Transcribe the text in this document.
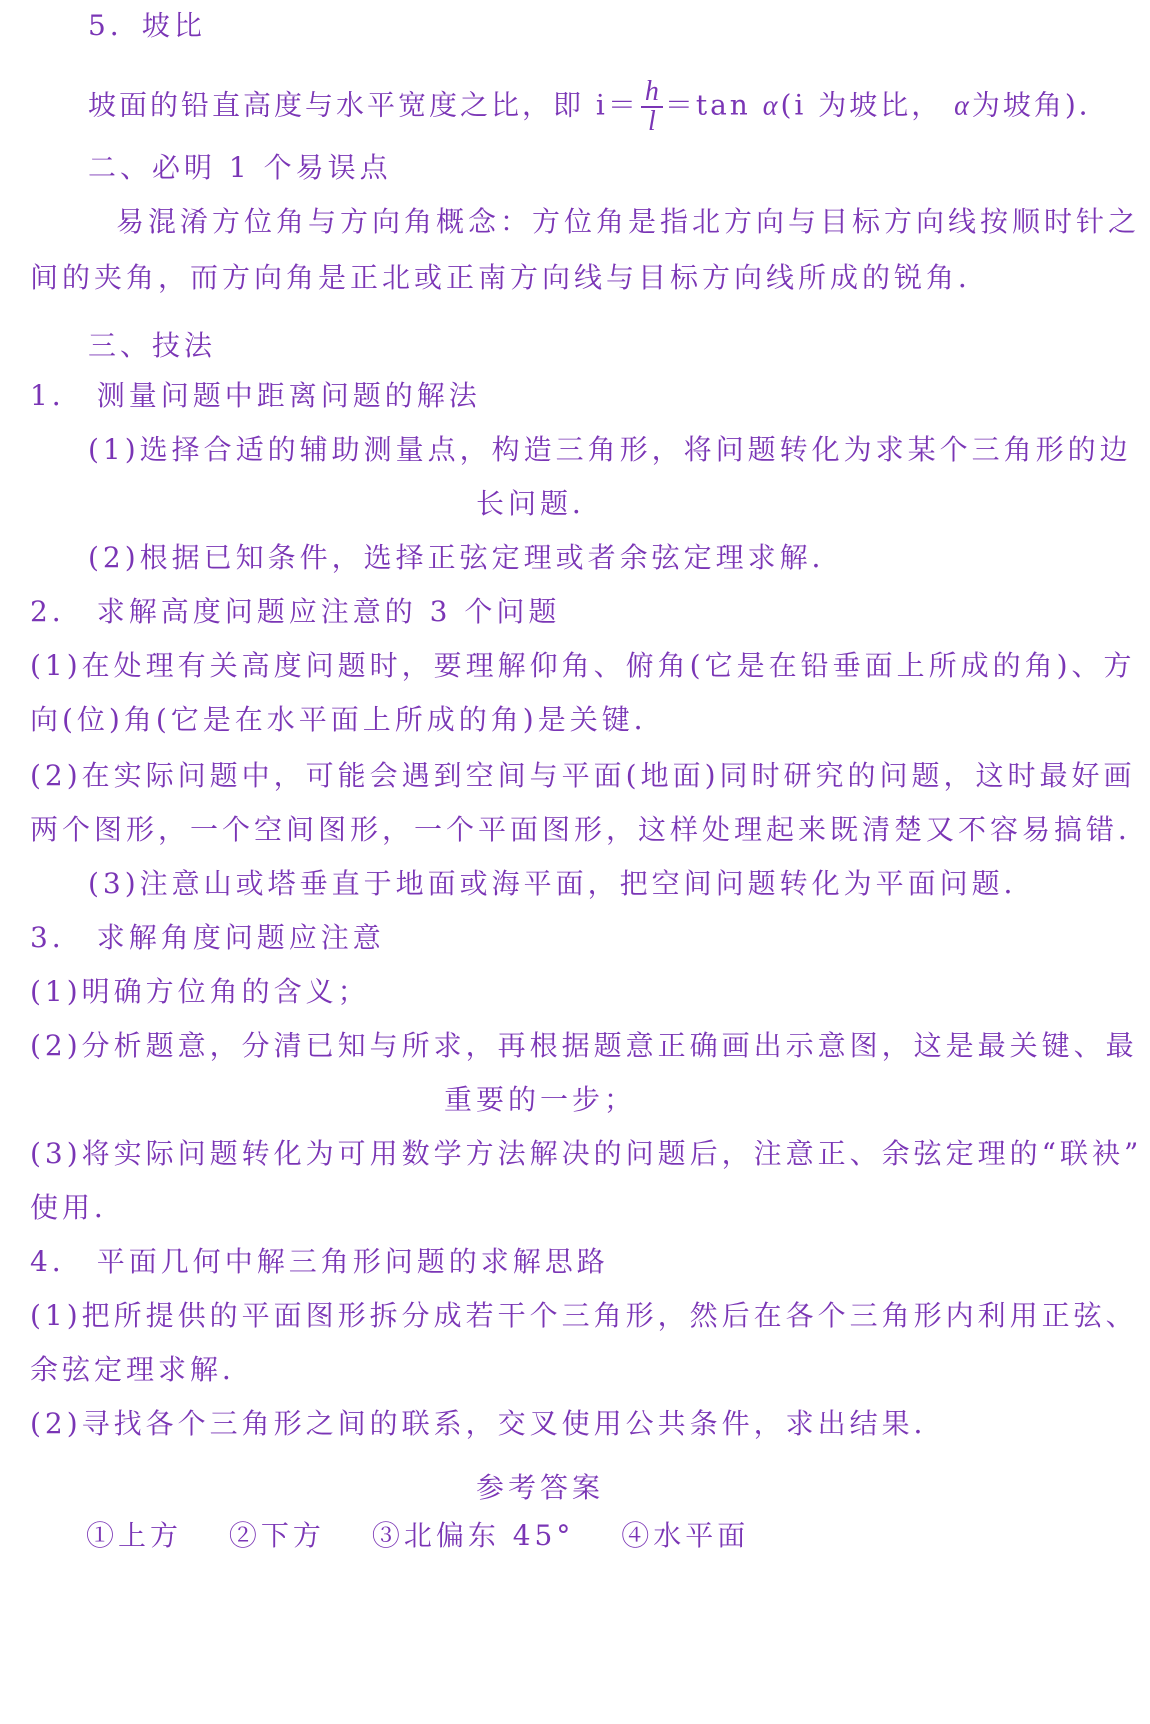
5．坡比
坡面的铅直高度与水平宽度之比，即 $i= \frac{h}{l} =\tan$ α(i 为坡比， α为坡角)．
二、必明 1 个易误点
易混淆方位角与方向角概念：方位角是指北方向与目标方向线按顺时针之
间的夹角，而方向角是正北或正南方向线与目标方向线所成的锐角．
三、技法
1． 测量问题中距离问题的解法
(1)选择合适的辅助测量点，构造三角形，将问题转化为求某个三角形的边
长问题．
(2)根据已知条件，选择正弦定理或者余弦定理求解．
2． 求解高度问题应注意的 3 个问题
(1)在处理有关高度问题时，要理解仰角、俯角(它是在铅垂面上所成的角)、方
向(位)角(它是在水平面上所成的角)是关键．
(2)在实际问题中，可能会遇到空间与平面(地面)同时研究的问题，这时最好画
两个图形，一个空间图形，一个平面图形，这样处理起来既清楚又不容易搞错．
(3)注意山或塔垂直于地面或海平面，把空间问题转化为平面问题．
3． 求解角度问题应注意
(1)明确方位角的含义；
(2)分析题意，分清已知与所求，再根据题意正确画出示意图，这是最关键、最
重要的一步；
(3)将实际问题转化为可用数学方法解决的问题后，注意正、余弦定理的“联袂”
使用．
4． 平面几何中解三角形问题的求解思路
(1)把所提供的平面图形拆分成若干个三角形，然后在各个三角形内利用正弦、
余弦定理求解．
(2)寻找各个三角形之间的联系，交叉使用公共条件，求出结果．
参考答案
①上方 ②下方 ③北偏东 45° ④水平面
